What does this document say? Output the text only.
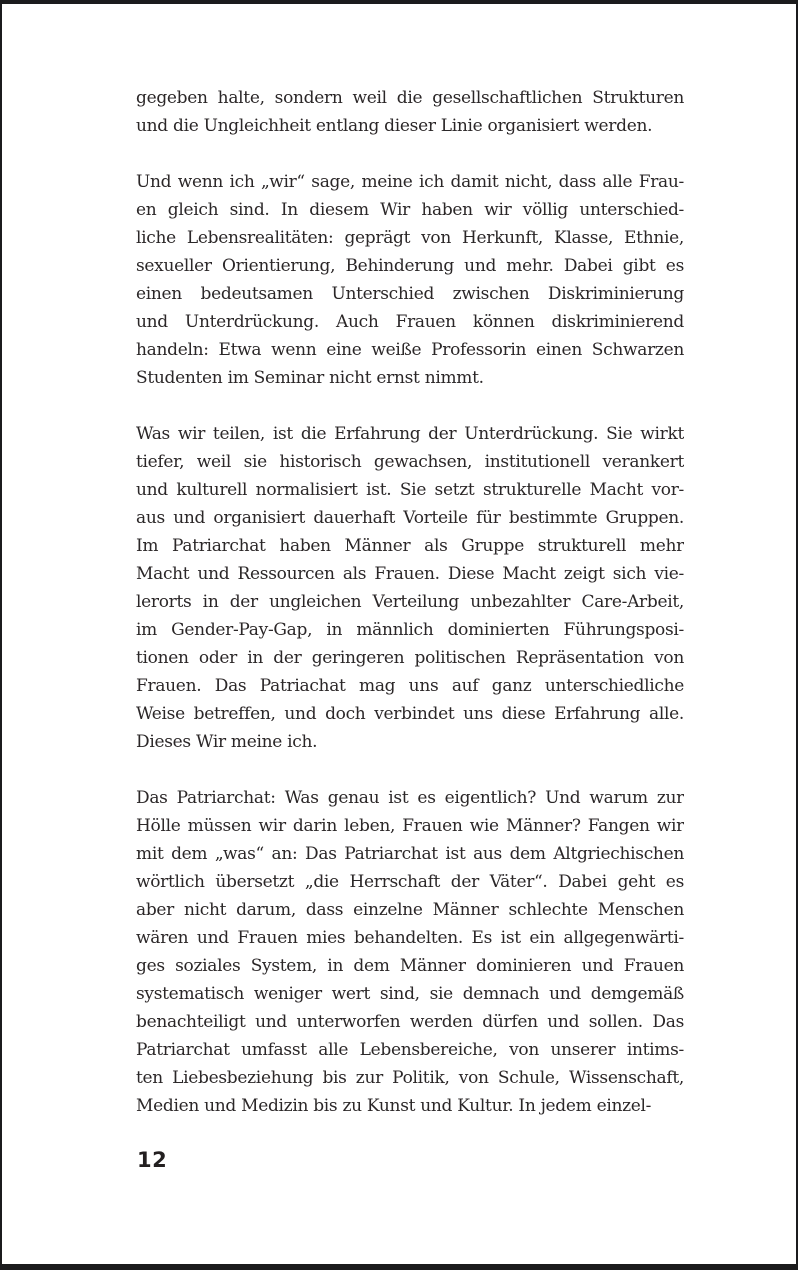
gegeben halte, sondern weil die gesellschaftlichen Strukturen
und die Ungleichheit entlang dieser Linie organisiert werden.
Und wenn ich „wir“ sage, meine ich damit nicht, dass alle Frau-
en gleich sind. In diesem Wir haben wir völlig unterschied-
liche Lebensrealitäten: geprägt von Herkunft, Klasse, Ethnie,
sexueller Orientierung, Behinderung und mehr. Dabei gibt es
einen bedeutsamen Unterschied zwischen Diskriminierung
und Unterdrückung. Auch Frauen können diskriminierend
handeln: Etwa wenn eine weiße Professorin einen Schwarzen
Studenten im Seminar nicht ernst nimmt.
Was wir teilen, ist die Erfahrung der Unterdrückung. Sie wirkt
tiefer, weil sie historisch gewachsen, institutionell verankert
und kulturell normalisiert ist. Sie setzt strukturelle Macht vor-
aus und organisiert dauerhaft Vorteile für bestimmte Gruppen.
Im Patriarchat haben Männer als Gruppe strukturell mehr
Macht und Ressourcen als Frauen. Diese Macht zeigt sich vie-
lerorts in der ungleichen Verteilung unbezahlter Care-Arbeit,
im Gender-Pay-Gap, in männlich dominierten Führungsposi-
tionen oder in der geringeren politischen Repräsentation von
Frauen. Das Patriachat mag uns auf ganz unterschiedliche
Weise betreffen, und doch verbindet uns diese Erfahrung alle.
Dieses Wir meine ich.
Das Patriarchat: Was genau ist es eigentlich? Und warum zur
Hölle müssen wir darin leben, Frauen wie Männer? Fangen wir
mit dem „was“ an: Das Patriarchat ist aus dem Altgriechischen
wörtlich übersetzt „die Herrschaft der Väter“. Dabei geht es
aber nicht darum, dass einzelne Männer schlechte Menschen
wären und Frauen mies behandelten. Es ist ein allgegenwärti-
ges soziales System, in dem Männer dominieren und Frauen
systematisch weniger wert sind, sie demnach und demgemäß
benachteiligt und unterworfen werden dürfen und sollen. Das
Patriarchat umfasst alle Lebensbereiche, von unserer intims-
ten Liebesbeziehung bis zur Politik, von Schule, Wissenschaft,
Medien und Medizin bis zu Kunst und Kultur. In jedem einzel-
12
